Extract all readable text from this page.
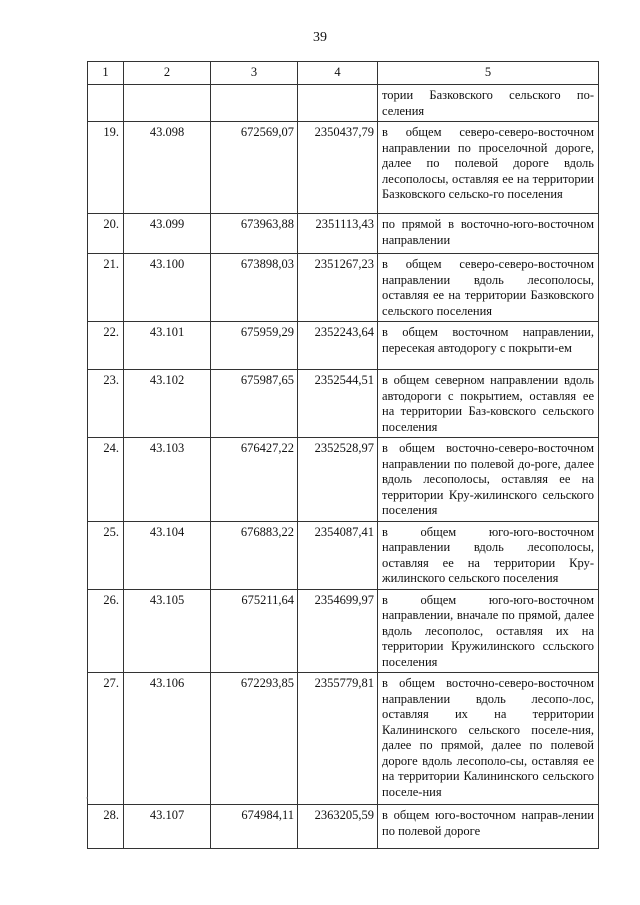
39
1	2	3	4	5
				тории Базковского сельского по-селения
19.	43.098	672569,07	2350437,79	в общем северо-северо-восточном направлении по проселочной дороге, далее по полевой дороге вдоль лесополосы, оставляя ее на территории Базковского сельско-го поселения
20.	43.099	673963,88	2351113,43	по прямой в восточно-юго-восточном направлении
21.	43.100	673898,03	2351267,23	в общем северо-северо-восточном направлении вдоль лесополосы, оставляя ее на территории Базковского сельского поселения
22.	43.101	675959,29	2352243,64	в общем восточном направлении, пересекая автодорогу с покрыти-ем
23.	43.102	675987,65	2352544,51	в общем северном направлении вдоль автодороги с покрытием, оставляя ее на территории Баз-ковского сельского поселения
24.	43.103	676427,22	2352528,97	в общем восточно-северо-восточном направлении по полевой до-роге, далее вдоль лесополосы, оставляя ее на территории Кру-жилинского сельского поселения
25.	43.104	676883,22	2354087,41	в общем юго-юго-восточном направлении вдоль лесополосы, оставляя ее на территории Кру-жилинского сельского поселения
26.	43.105	675211,64	2354699,97	в общем юго-юго-восточном направлении, вначале по прямой, далее вдоль лесополос, оставляя их на территории Кружилинского ссльского поселения
27.	43.106	672293,85	2355779,81	в общем восточно-северо-восточном направлении вдоль лесопо-лос, оставляя их на территории Калининского сельского поселе-ния, далее по прямой, далее по полевой дороге вдоль лесополо-сы, оставляя ее на территории Калининского сельского поселе-ния
28.	43.107	674984,11	2363205,59	в общем юго-восточном направ-лении по полевой дороге
,
